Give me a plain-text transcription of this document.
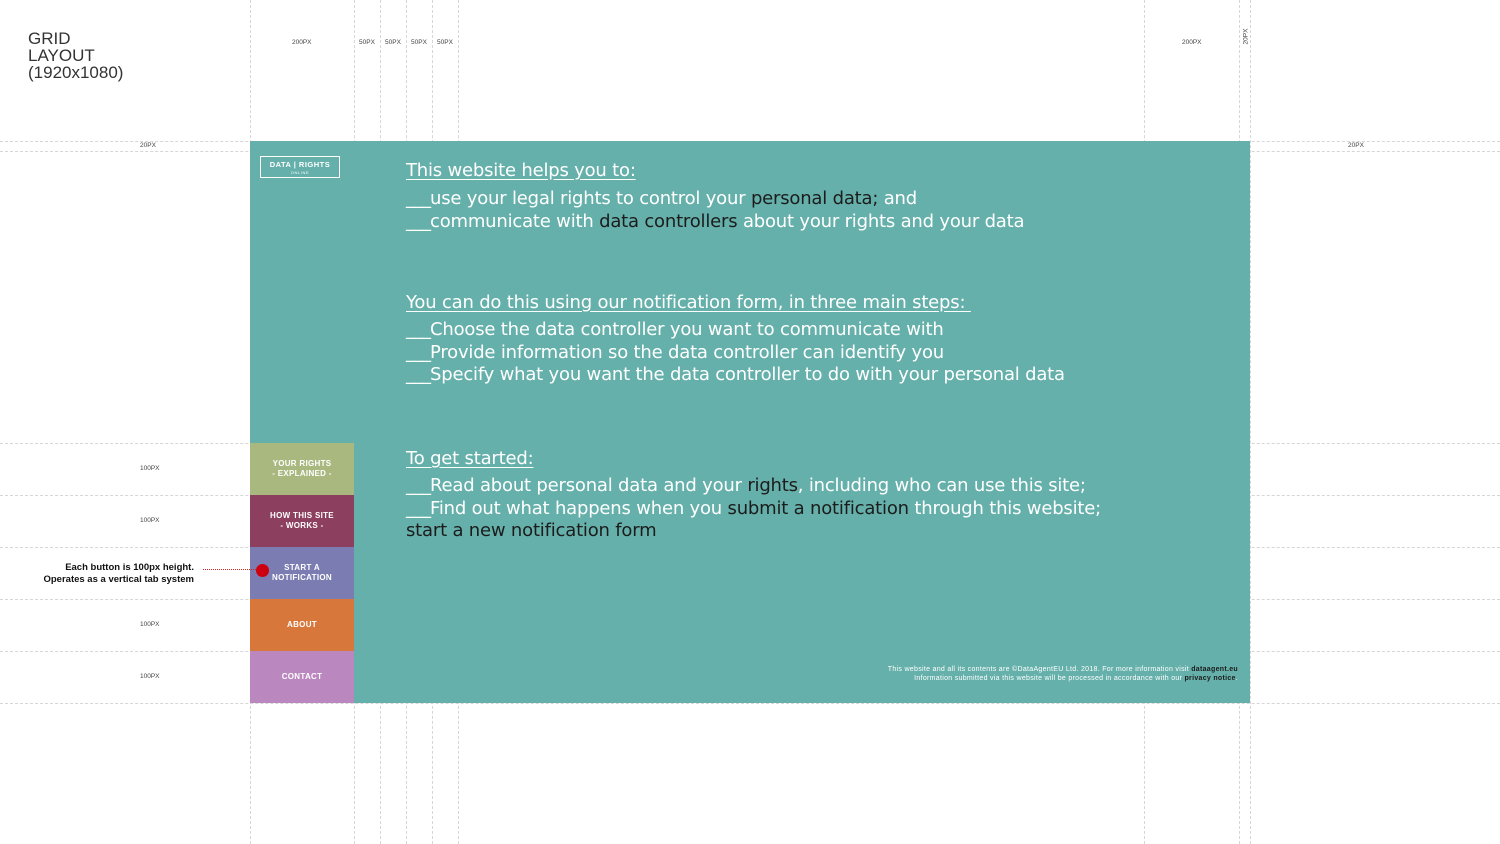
GRID
LAYOUT
(1920x1080)
200PX	50PX 50PX 50PX 50PX	200PX	20PX
20PX	20PX
100PX
100PX
100PX
100PX
DATA | RIGHTS
ONLINE
YOUR RIGHTS
- EXPLAINED -
HOW THIS SITE
- WORKS -
START A
NOTIFICATION
ABOUT
CONTACT
Each button is 100px height.
Operates as a vertical tab system
This website helps you to:
___use your legal rights to control your personal data; and
___communicate with data controllers about your rights and your data
You can do this using our notification form, in three main steps:
___Choose the data controller you want to communicate with
___Provide information so the data controller can identify you
___Specify what you want the data controller to do with your personal data
To get started:
___Read about personal data and your rights, including who can use this site;
___Find out what happens when you submit a notification through this website;
start a new notification form
This website and all its contents are ©DataAgentEU Ltd. 2018. For more information visit dataagent.eu
Information submitted via this website will be processed in accordance with our privacy notice.
